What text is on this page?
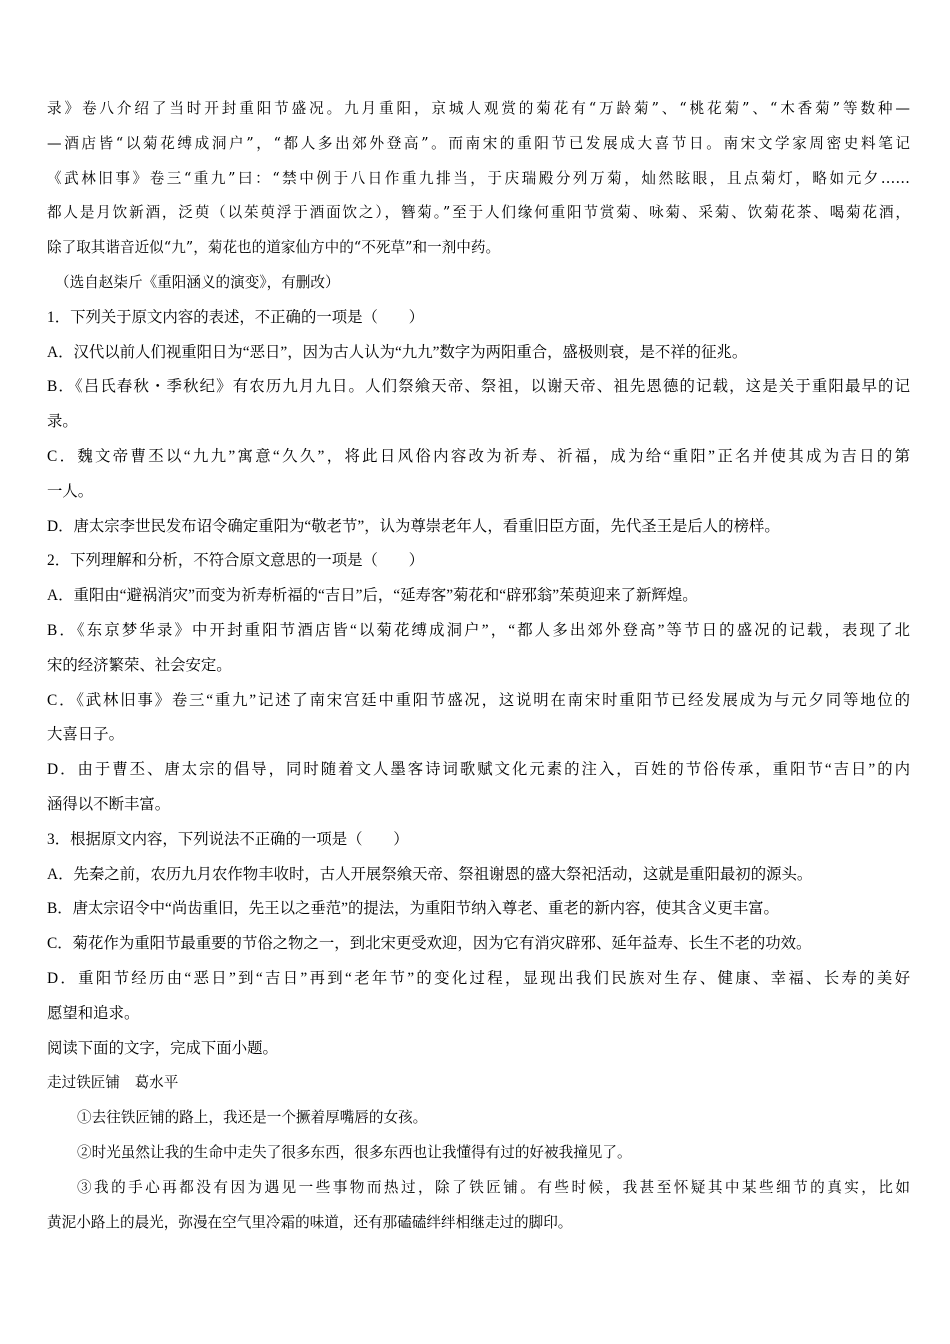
录》卷八介绍了当时开封重阳节盛况。九月重阳，京城人观赏的菊花有“万龄菊”、“桃花菊”、“木香菊”等数种—
—酒店皆“以菊花缚成洞户”，“都人多出郊外登高”。而南宋的重阳节已发展成大喜节日。南宋文学家周密史料笔记
《武林旧事》卷三“重九”曰：“禁中例于八日作重九排当，于庆瑞殿分列万菊，灿然眩眼，且点菊灯，略如元夕……
都人是月饮新酒，泛萸（以茱萸浮于酒面饮之），簪菊。”至于人们缘何重阳节赏菊、咏菊、采菊、饮菊花茶、喝菊花酒，
除了取其谐音近似“九”，菊花也的道家仙方中的“不死草”和一剂中药。
（选自赵柒斤《重阳涵义的演变》，有删改）
1．下列关于原文内容的表述，不正确的一项是（　　）
A．汉代以前人们视重阳日为“恶日”，因为古人认为“九九”数字为两阳重合，盛极则衰，是不祥的征兆。
B．《吕氏春秋・季秋纪》有农历九月九日。人们祭飨天帝、祭祖，以谢天帝、祖先恩德的记载，这是关于重阳最早的记
录。
C．魏文帝曹丕以“九九”寓意“久久”，将此日风俗内容改为祈寿、祈福，成为给“重阳”正名并使其成为吉日的第
一人。
D．唐太宗李世民发布诏令确定重阳为“敬老节”，认为尊崇老年人，看重旧臣方面，先代圣王是后人的榜样。
2．下列理解和分析，不符合原文意思的一项是（　　）
A．重阳由“避祸消灾”而变为祈寿析福的“吉日”后，“延寿客”菊花和“辟邪翁”茱萸迎来了新辉煌。
B．《东京梦华录》中开封重阳节酒店皆“以菊花缚成洞户”，“都人多出郊外登高”等节日的盛况的记载，表现了北
宋的经济繁荣、社会安定。
C．《武林旧事》卷三“重九”记述了南宋宫廷中重阳节盛况，这说明在南宋时重阳节已经发展成为与元夕同等地位的
大喜日子。
D．由于曹丕、唐太宗的倡导，同时随着文人墨客诗词歌赋文化元素的注入，百姓的节俗传承，重阳节“吉日”的内
涵得以不断丰富。
3．根据原文内容，下列说法不正确的一项是（　　）
A．先秦之前，农历九月农作物丰收时，古人开展祭飨天帝、祭祖谢恩的盛大祭祀活动，这就是重阳最初的源头。
B．唐太宗诏令中“尚齿重旧，先王以之垂范”的提法，为重阳节纳入尊老、重老的新内容，使其含义更丰富。
C．菊花作为重阳节最重要的节俗之物之一，到北宋更受欢迎，因为它有消灾辟邪、延年益寿、长生不老的功效。
D．重阳节经历由“恶日”到“吉日”再到“老年节”的变化过程，显现出我们民族对生存、健康、幸福、长寿的美好
愿望和追求。
阅读下面的文字，完成下面小题。
走过铁匠铺　葛水平
①去往铁匠铺的路上，我还是一个撅着厚嘴唇的女孩。
②时光虽然让我的生命中走失了很多东西，很多东西也让我懂得有过的好被我撞见了。
③我的手心再都没有因为遇见一些事物而热过，除了铁匠铺。有些时候，我甚至怀疑其中某些细节的真实，比如
黄泥小路上的晨光，弥漫在空气里冷霜的味道，还有那磕磕绊绊相继走过的脚印。
